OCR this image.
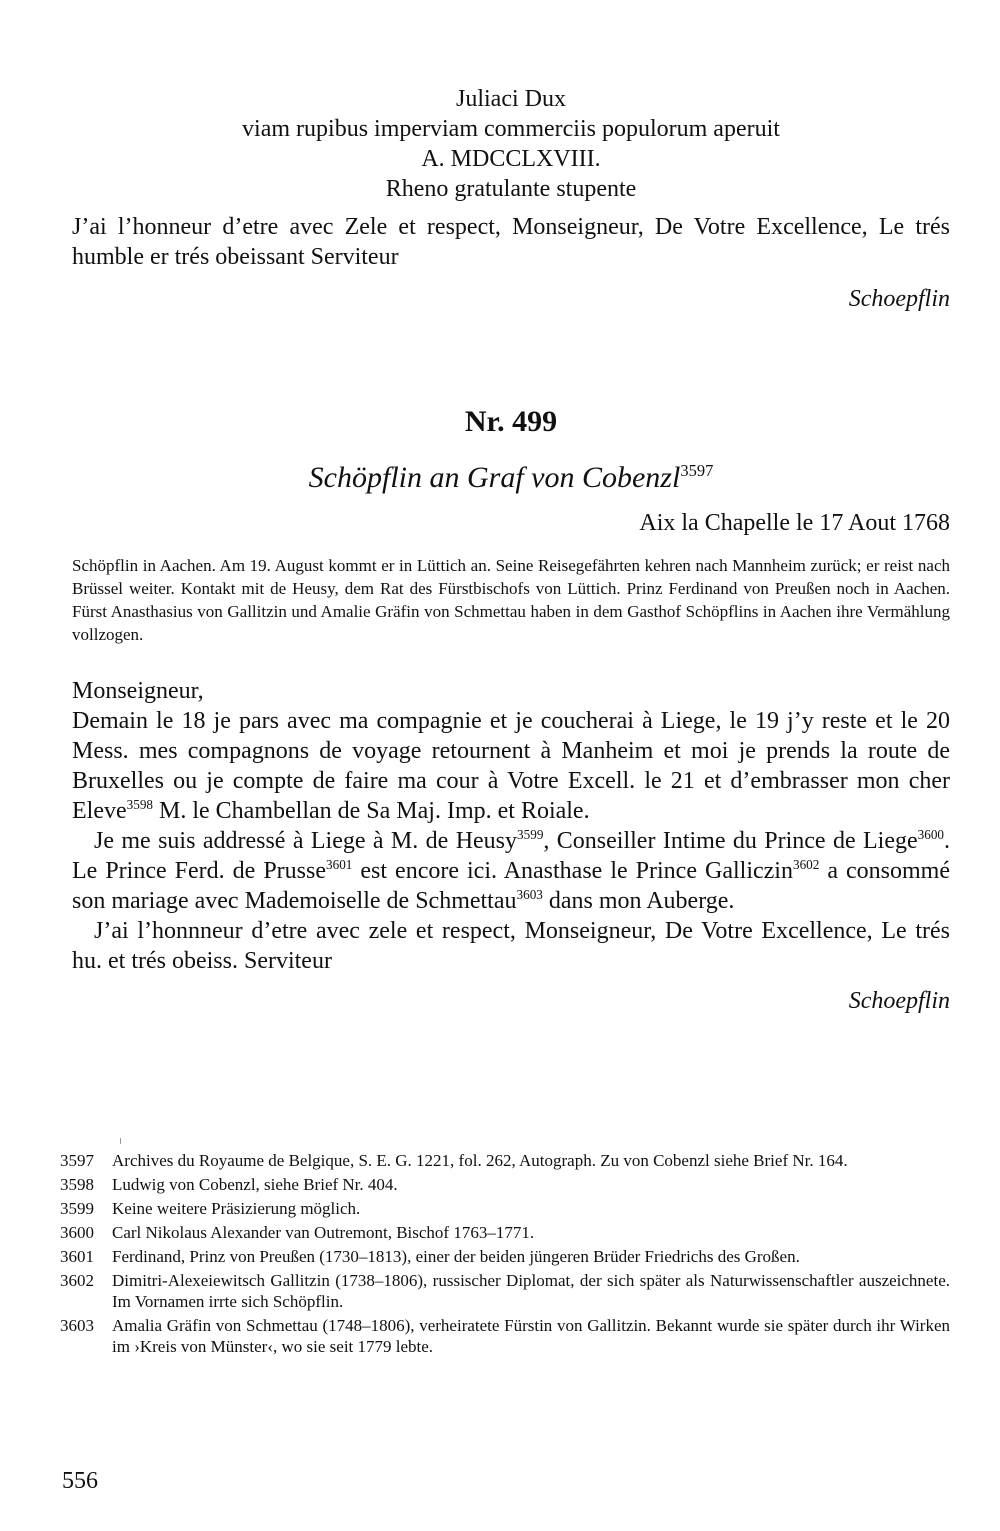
Juliaci Dux
viam rupibus imperviam commerciis populorum aperuit
A. MDCCLXVIII.
Rheno gratulante stupente
J’ai l’honneur d’etre avec Zele et respect, Monseigneur, De Votre Excellence, Le trés humble er trés obeissant Serviteur
Schoepflin
Nr. 499
Schöpflin an Graf von Cobenzl$^{3597}$
Aix la Chapelle le 17 Aout 1768
Schöpflin in Aachen. Am 19. August kommt er in Lüttich an. Seine Reisegefährten kehren nach Mannheim zurück; er reist nach Brüssel weiter. Kontakt mit de Heusy, dem Rat des Fürstbischofs von Lüttich. Prinz Ferdinand von Preußen noch in Aachen. Fürst Anasthasius von Gallitzin und Amalie Gräfin von Schmettau haben in dem Gasthof Schöpflins in Aachen ihre Vermählung vollzogen.
Monseigneur,
Demain le 18 je pars avec ma compagnie et je coucherai à Liege, le 19 j’y reste et le 20 Mess. mes compagnons de voyage retournent à Manheim et moi je prends la route de Bruxelles ou je compte de faire ma cour à Votre Excell. le 21 et d’embrasser mon cher Eleve$^{3598}$ M. le Chambellan de Sa Maj. Imp. et Roiale.
Je me suis addressé à Liege à M. de Heusy$^{3599}$, Conseiller Intime du Prince de Liege$^{3600}$. Le Prince Ferd. de Prusse$^{3601}$ est encore ici. Anasthase le Prince Galliczin$^{3602}$ a consommé son mariage avec Mademoiselle de Schmettau$^{3603}$ dans mon Auberge.
J’ai l’honnneur d’etre avec zele et respect, Monseigneur, De Votre Excellence, Le trés hu. et trés obeiss. Serviteur
Schoepflin
3597	Archives du Royaume de Belgique, S. E. G. 1221, fol. 262, Autograph. Zu von Cobenzl siehe Brief Nr. 164.
3598	Ludwig von Cobenzl, siehe Brief Nr. 404.
3599	Keine weitere Präsizierung möglich.
3600	Carl Nikolaus Alexander van Outremont, Bischof 1763–1771.
3601	Ferdinand, Prinz von Preußen (1730–1813), einer der beiden jüngeren Brüder Friedrichs des Großen.
3602	Dimitri-Alexeiewitsch Gallitzin (1738–1806), russischer Diplomat, der sich später als Naturwissenschaftler auszeichnete. Im Vornamen irrte sich Schöpflin.
3603	Amalia Gräfin von Schmettau (1748–1806), verheiratete Fürstin von Gallitzin. Bekannt wurde sie später durch ihr Wirken im ›Kreis von Münster‹, wo sie seit 1779 lebte.
556
